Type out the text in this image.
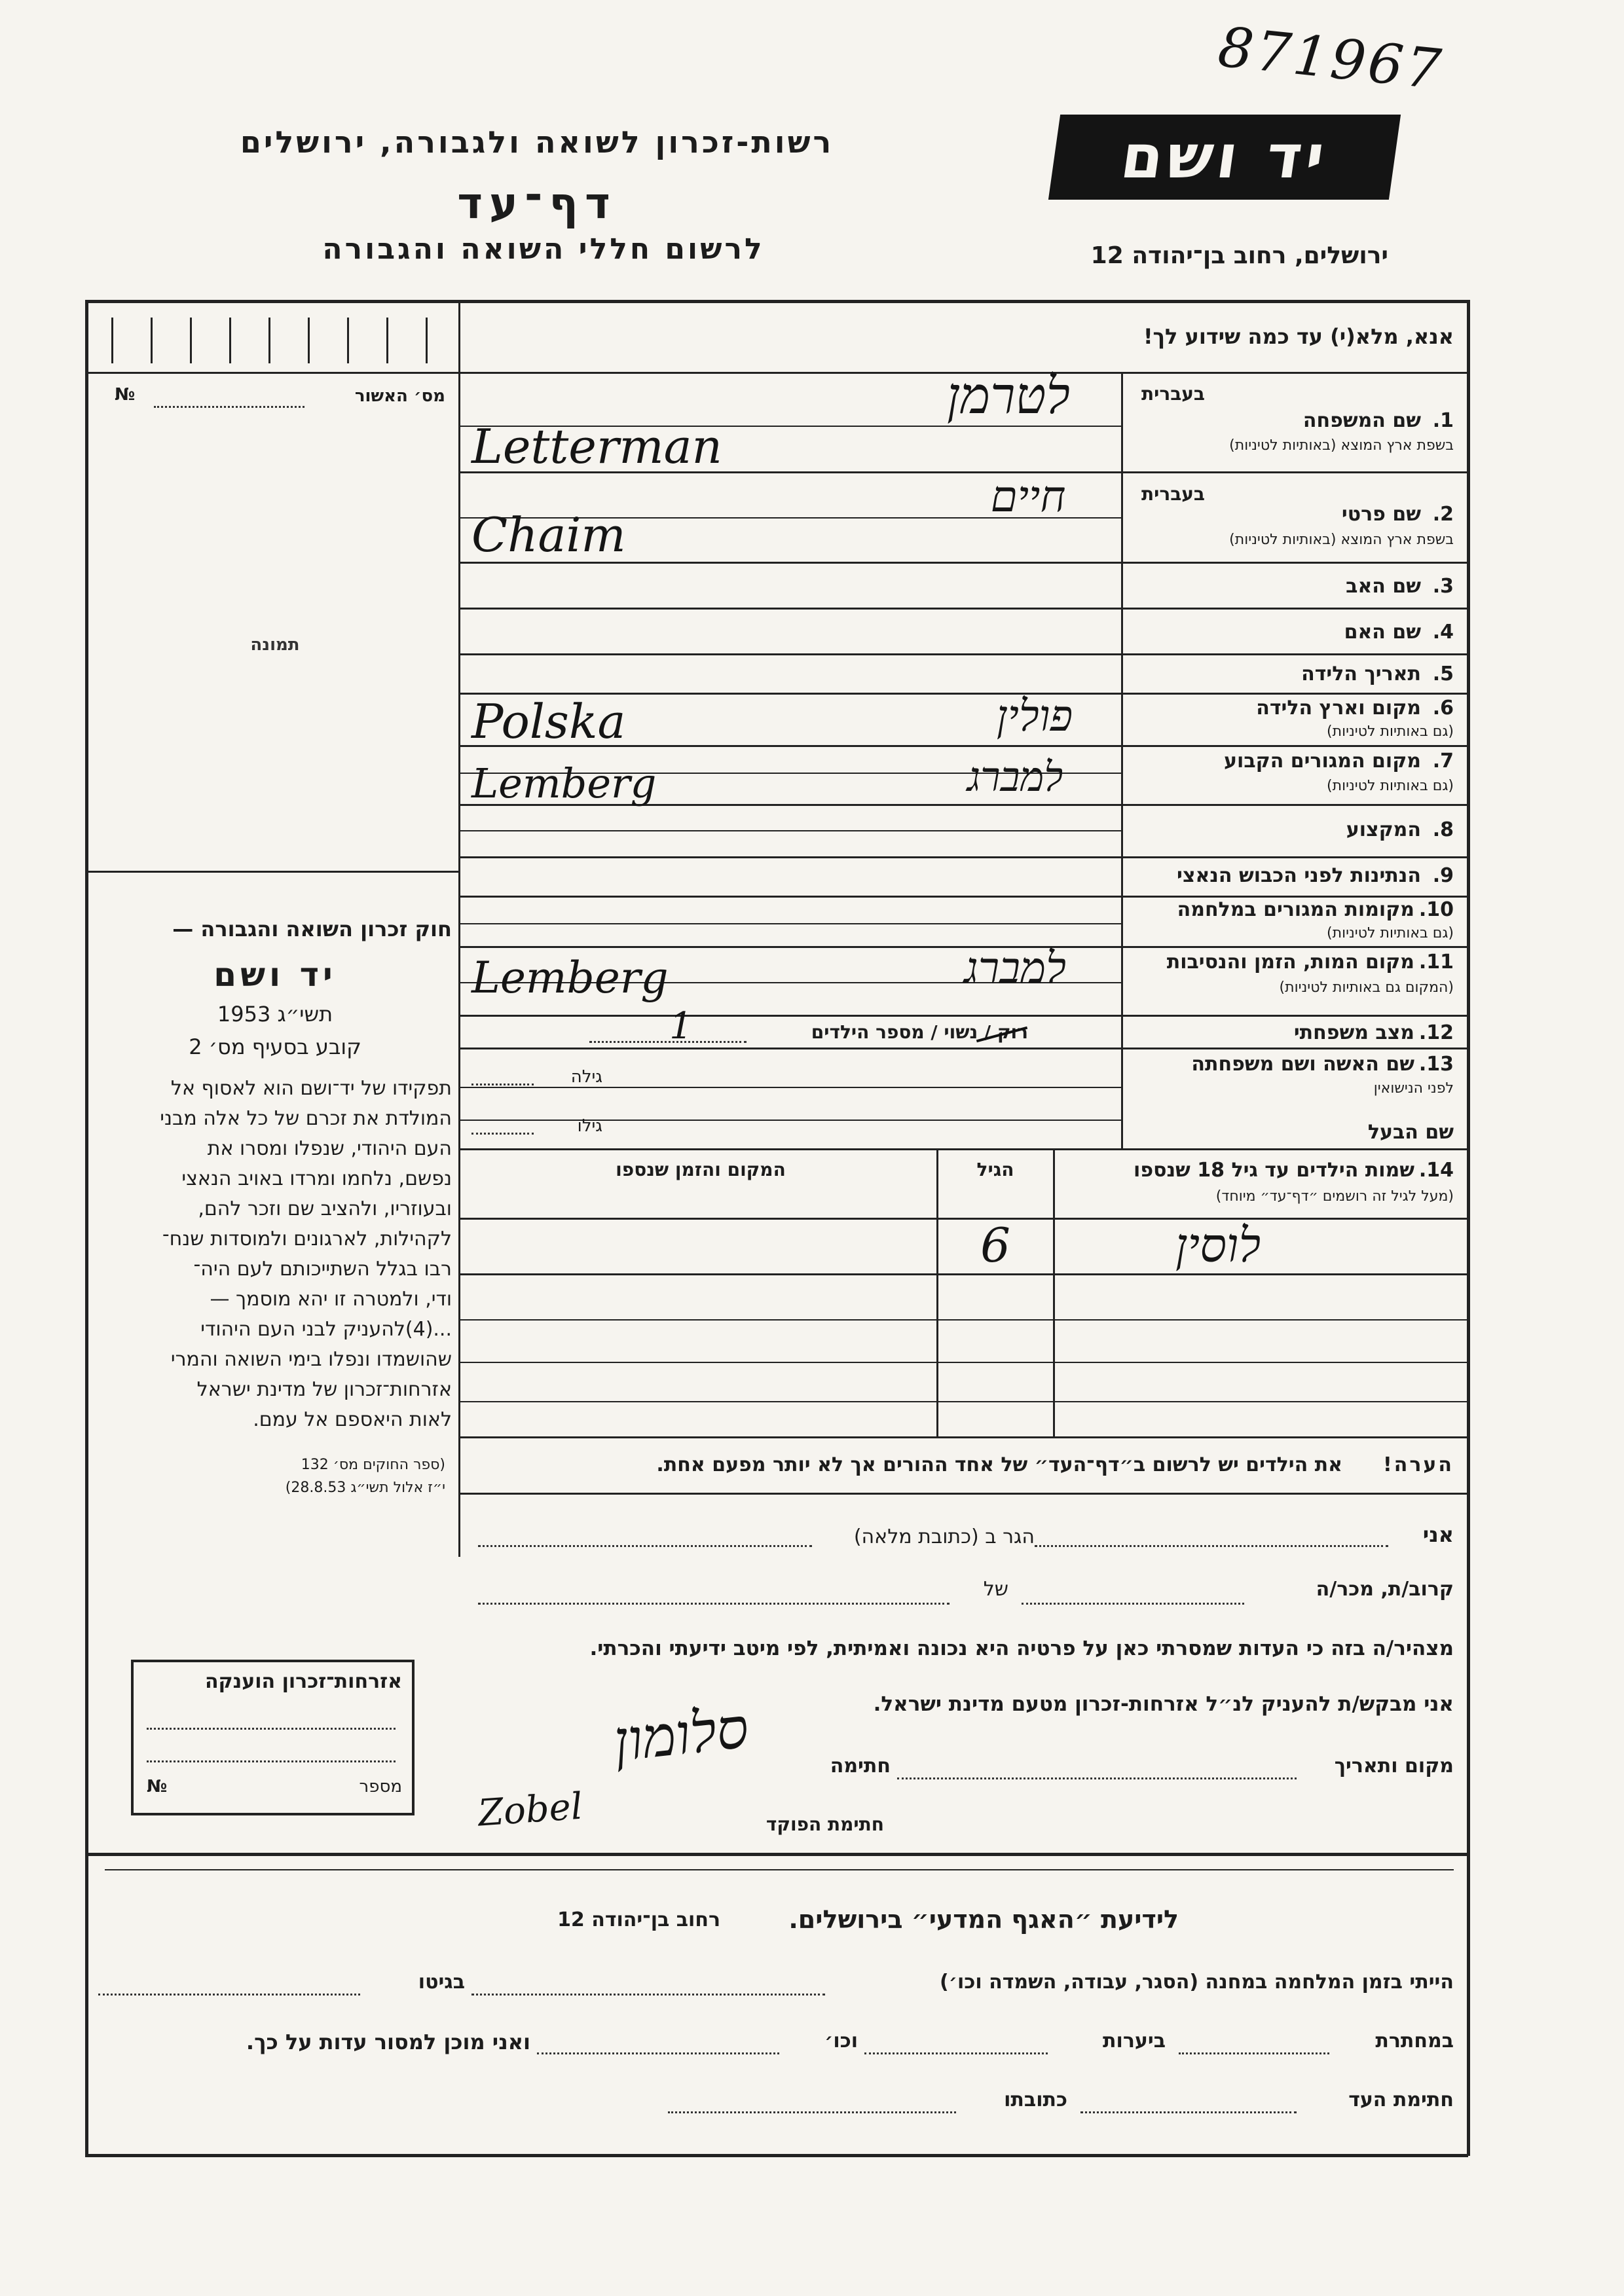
871967
רשות-זכרון לשואה ולגבורה, ירושלים
דף־עד
לרשום חללי השואה והגבורה
יד ושם
ירושלים, רחוב בן־יהודה 12
מס׳ האשור
№
תמונה
חוק זכרון השואה והגבורה —
יד ושם
תשי״ג 1953
קובע בסעיף מס׳ 2
תפקידו של יד־ושם הוא לאסוף אל
המולדת את זכרם של כל אלה מבני
העם היהודי, שנפלו ומסרו את
נפשם, נלחמו ומרדו באויב הנאצי
ובעוזריו, ולהציב שם וזכר להם,
לקהילות, לארגונים ולמוסדות שנח־
רבו בגלל השתייכותם לעם היה־
ודי, ולמטרה זו יהא מוסמך —
...(4)להעניק לבני העם היהודי
שהושמדו ונפלו בימי השואה והמרי
אזרחות־זכרון של מדינת ישראל
לאות היאספם אל עמם.
(ספר החוקים מס׳ 132
י״ז אלול תשי״ג 28.8.53)
אנא, מלא(י) עד כמה שידוע לך!
בעברית
1.
שם המשפחה
בשפת ארץ המוצא (באותיות לטיניות)
לטרמן
Letterman
בעברית
2.
שם פרטי
בשפת ארץ המוצא (באותיות לטיניות)
חיים
Chaim
3.
שם האב
4.
שם האם
5.
תאריך הלידה
6.
מקום וארץ הלידה
(גם באותיות לטיניות)
פולין
Polska
7.
מקום המגורים הקבוע
(גם באותיות לטיניות)
למברג
Lemberg
8.
המקצוע
9.
הנתינות לפני הכבוש הנאצי
10.
מקומות המגורים במלחמה
(גם באותיות לטיניות)
11.
מקום המות, הזמן והנסיבות
(המקום גם באותיות לטיניות)
למברג
Lemberg
12.
מצב משפחתי
רוק / נשוי / מספר הילדים
1
13.
שם האשה ושם משפחתה
לפני הנישואין
גילה
שם הבעל
גילו
14.
שמות הילדים עד גיל 18 שנספו
(מעל לגיל זה רושמים ״דף־עד״ מיוחד)
הגיל
המקום והזמן שנספו
לוסין
6
הערה!
את הילדים יש לרשום ב״דף־העד״ של אחד ההורים אך לא יותר מפעם אחת.
אני
הגר ב (כתובת מלאה)
קרוב/ת, מכר/ה
של
מצהיר/ה בזה כי העדות שמסרתי כאן על פרטיה היא נכונה ואמיתית, לפי מיטב ידיעתי והכרתי.
אני מבקש/ת להעניק לנ״ל אזרחות-זכרון מטעם מדינת ישראל.
מקום ותאריך
חתימה
סלומון
Zobel	חתימת הפוקד
אזרחות־זכרון הוענקה
מספר
№
לידיעת ״האגף המדעי״ בירושלים.
רחוב בן־יהודה 12
הייתי בזמן המלחמה במחנה (הסגר, עבודה, השמדה וכו׳)
בגיטו
במחתרת
ביערות
וכו׳
ואני מוכן למסור עדות על כך.
חתימת העד
כתובתו
